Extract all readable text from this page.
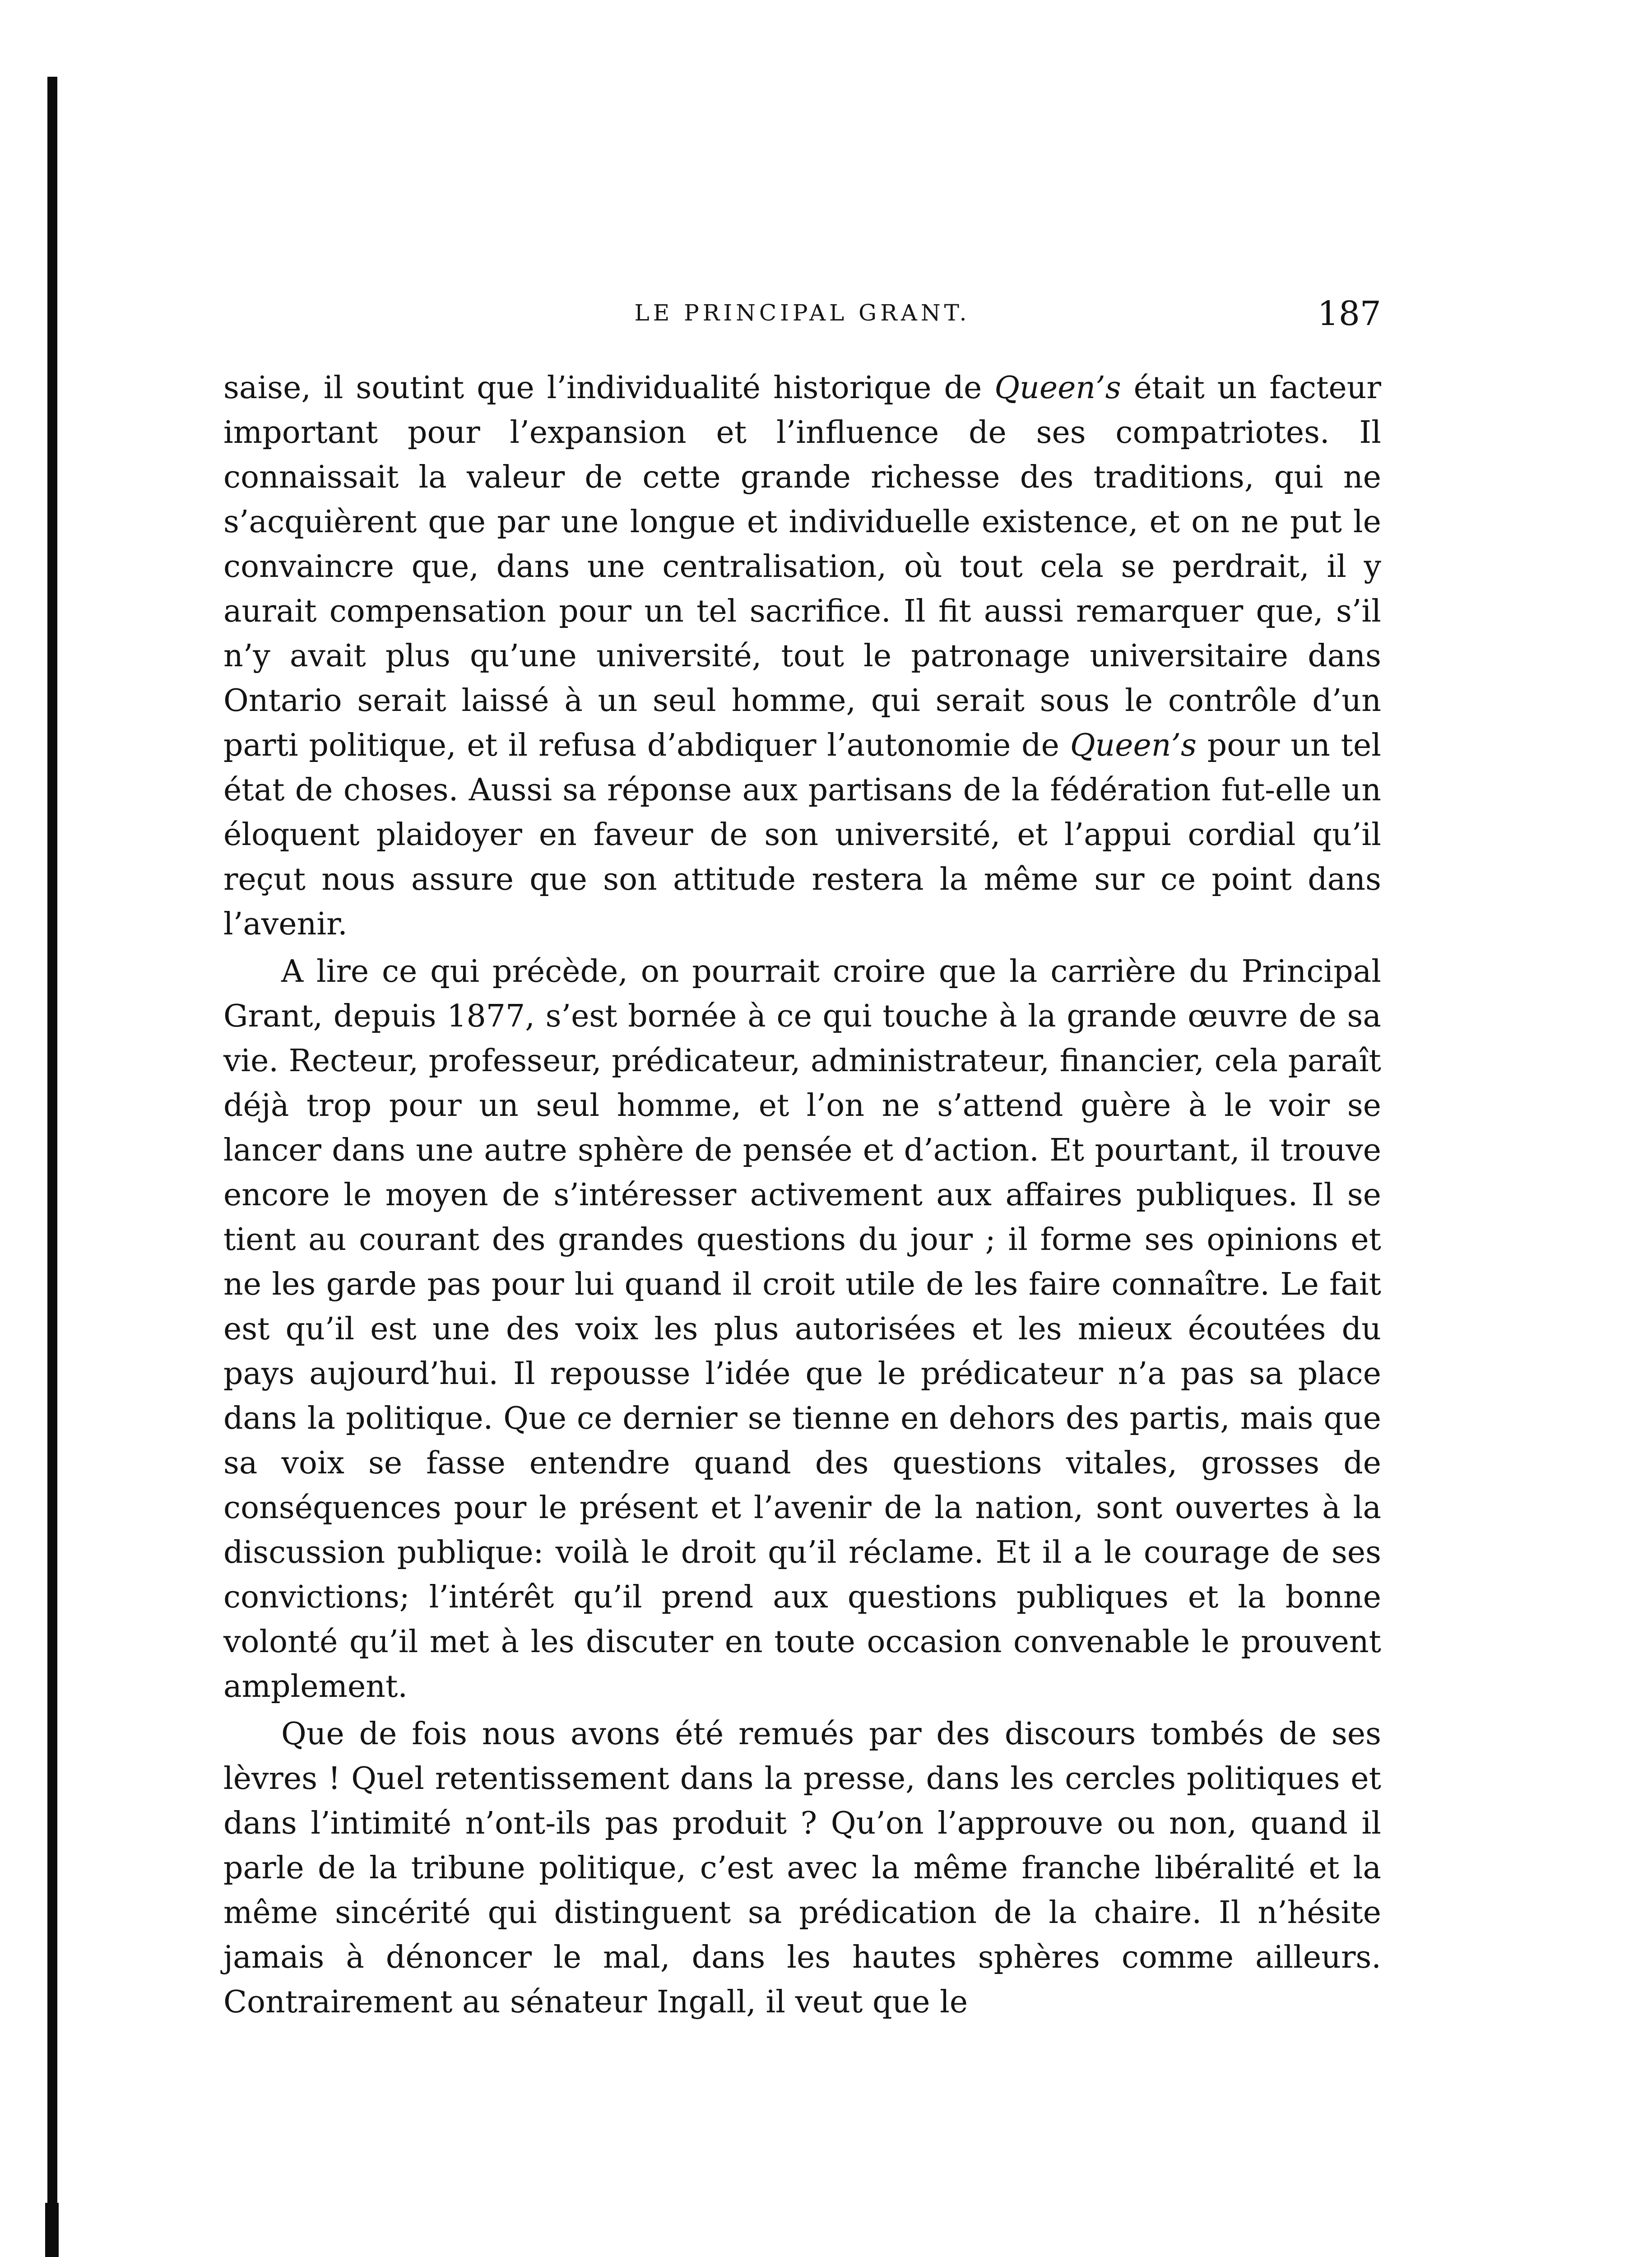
LE PRINCIPAL GRANT.	187

saise, il soutint que l’individualité historique de Queen’s était un facteur important pour l’expansion et l’influence de ses compatriotes. Il connaissait la valeur de cette grande richesse des traditions, qui ne s’acquièrent que par une longue et individuelle existence, et on ne put le convaincre que, dans une centralisation, où tout cela se perdrait, il y aurait compensation pour un tel sacrifice. Il fit aussi remarquer que, s’il n’y avait plus qu’une université, tout le patronage universitaire dans Ontario serait laissé à un seul homme, qui serait sous le contrôle d’un parti politique, et il refusa d’abdiquer l’autonomie de Queen’s pour un tel état de choses. Aussi sa réponse aux partisans de la fédération fut-elle un éloquent plaidoyer en faveur de son université, et l’appui cordial qu’il reçut nous assure que son attitude restera la même sur ce point dans l’avenir.

A lire ce qui précède, on pourrait croire que la carrière du Principal Grant, depuis 1877, s’est bornée à ce qui touche à la grande œuvre de sa vie. Recteur, professeur, prédicateur, administrateur, financier, cela paraît déjà trop pour un seul homme, et l’on ne s’attend guère à le voir se lancer dans une autre sphère de pensée et d’action. Et pourtant, il trouve encore le moyen de s’intéresser activement aux affaires publiques. Il se tient au courant des grandes questions du jour ; il forme ses opinions et ne les garde pas pour lui quand il croit utile de les faire connaître. Le fait est qu’il est une des voix les plus autorisées et les mieux écoutées du pays aujourd’hui. Il repousse l’idée que le prédicateur n’a pas sa place dans la politique. Que ce dernier se tienne en dehors des partis, mais que sa voix se fasse entendre quand des questions vitales, grosses de conséquences pour le présent et l’avenir de la nation, sont ouvertes à la discussion publique: voilà le droit qu’il réclame. Et il a le courage de ses convictions; l’intérêt qu’il prend aux questions publiques et la bonne volonté qu’il met à les discuter en toute occasion convenable le prouvent amplement.

Que de fois nous avons été remués par des discours tombés de ses lèvres ! Quel retentissement dans la presse, dans les cercles politiques et dans l’intimité n’ont-ils pas produit ? Qu’on l’approuve ou non, quand il parle de la tribune politique, c’est avec la même franche libéralité et la même sincérité qui distinguent sa prédication de la chaire. Il n’hésite jamais à dénoncer le mal, dans les hautes sphères comme ailleurs. Contrairement au sénateur Ingall, il veut que le
